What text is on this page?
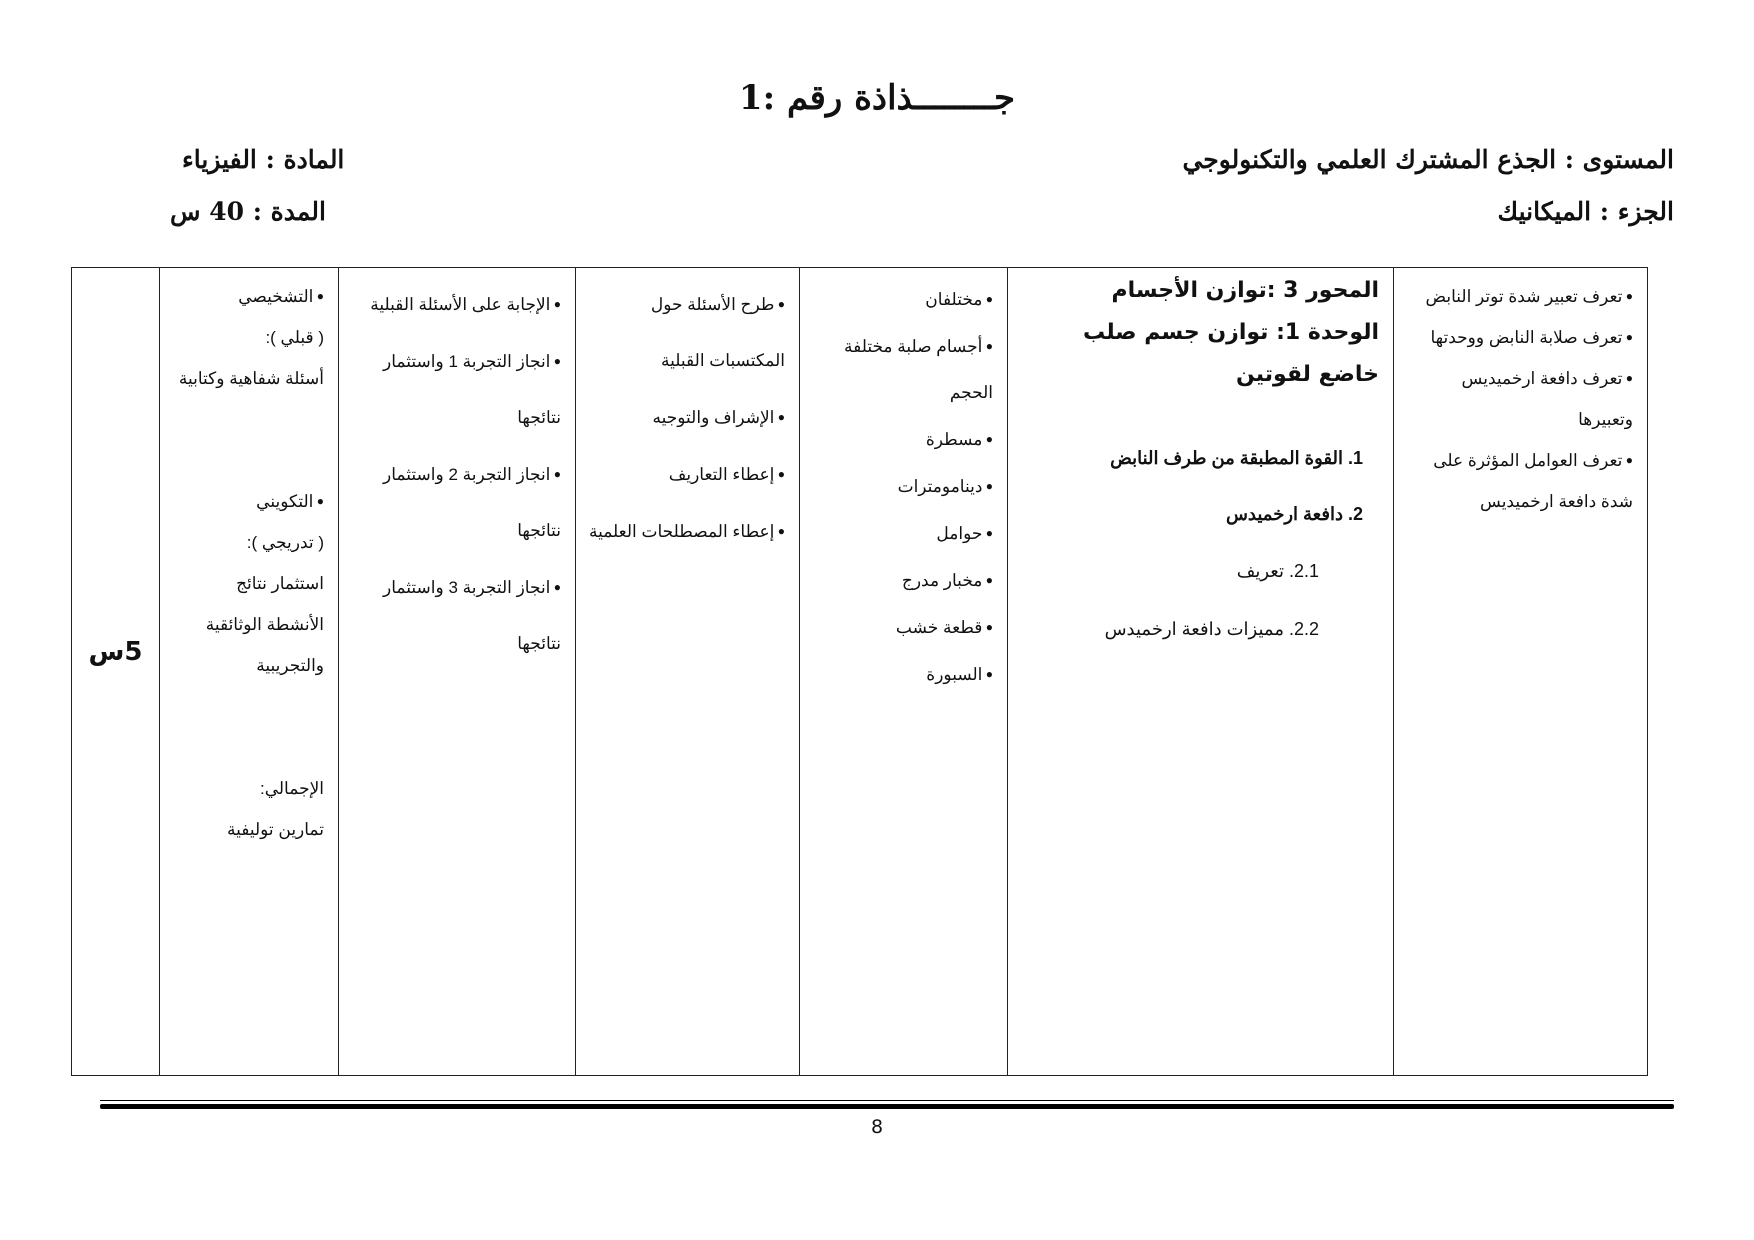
جــــــــذاذة رقم :1
المستوى : الجذع المشترك العلمي والتكنولوجي
الجزء : الميكانيك
المادة : الفيزياء
المدة : 40 س
● تعرف تعبير شدة توتر النابض
● تعرف صلابة النابض ووحدتها
● تعرف دافعة ارخميديس وتعبيرها
● تعرف العوامل المؤثرة على شدة دافعة ارخميديس

المحور 3 :توازن الأجسام
الوحدة 1: توازن جسم صلب خاضع لقوتين
1. القوة المطبقة من طرف النابض
2. دافعة ارخميدس
2.1. تعريف
2.2. مميزات دافعة ارخميدس

● مختلفان
● أجسام صلبة مختلفة الحجم
● مسطرة
● دينامومترات
● حوامل
● مخبار مدرج
● قطعة خشب
● السبورة

● طرح الأسئلة حول المكتسبات القبلية
● الإشراف والتوجيه
● إعطاء التعاريف
● إعطاء المصطلحات العلمية

● الإجابة على الأسئلة القبلية
● انجاز التجربة 1 واستثمار نتائجها
● انجاز التجربة 2 واستثمار نتائجها
● انجاز التجربة 3 واستثمار نتائجها

● التشخيصي
( قبلي ):
أسئلة شفاهية وكتابية
● التكويني
( تدريجي ):
استثمار نتائج
الأنشطة الوثائقية
والتجريبية
الإجمالي:
تمارين توليفية
	5س
8
